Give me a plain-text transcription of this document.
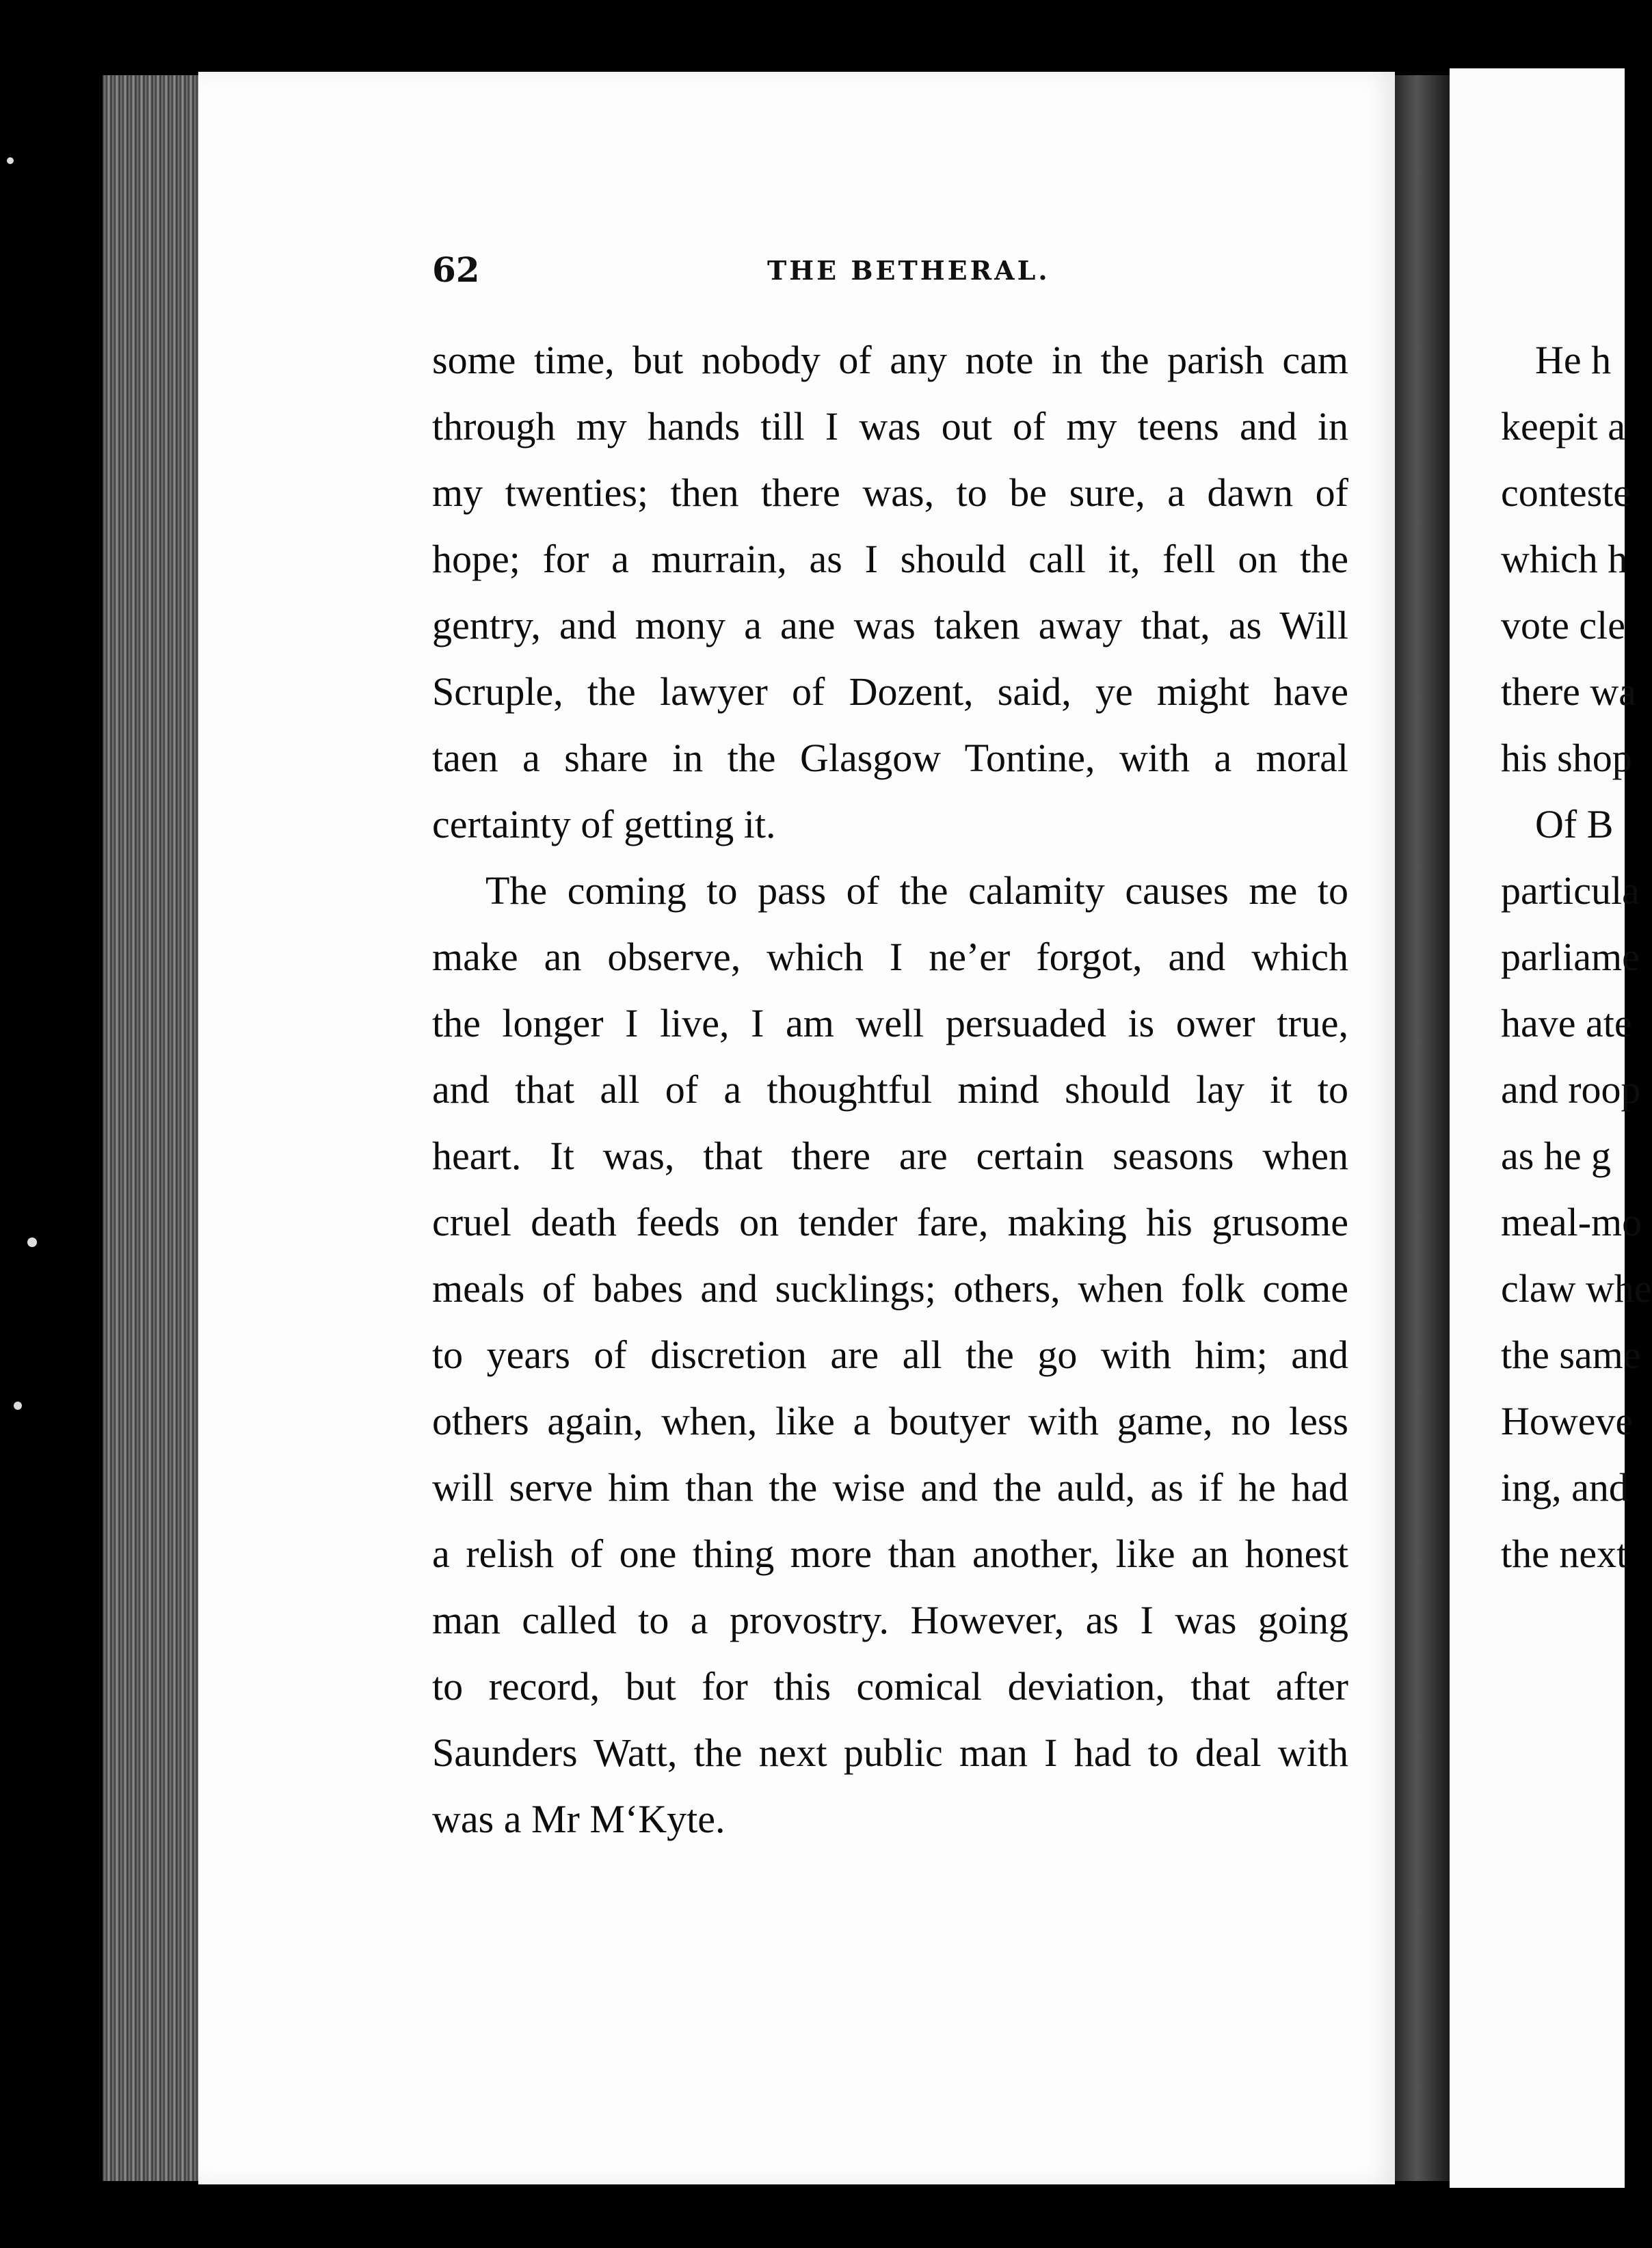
62	THE BETHERAL.
some time, but nobody of any note in the parish cam
through my hands till I was out of my teens and in
my twenties; then there was, to be sure, a dawn of
hope; for a murrain, as I should call it, fell on the
gentry, and mony a ane was taken away that, as Will
Scruple, the lawyer of Dozent, said, ye might have
taen a share in the Glasgow Tontine, with a moral
certainty of getting it.
The coming to pass of the calamity causes me to
make an observe, which I ne’er forgot, and which
the longer I live, I am well persuaded is ower true,
and that all of a thoughtful mind should lay it to
heart. It was, that there are certain seasons when
cruel death feeds on tender fare, making his grusome
meals of babes and sucklings; others, when folk come
to years of discretion are all the go with him; and
others again, when, like a boutyer with game, no less
will serve him than the wise and the auld, as if he had
a relish of one thing more than another, like an honest
man called to a provostry. However, as I was going
to record, but for this comical deviation, that after
Saunders Watt, the next public man I had to deal with
was a Mr M‘Kyte.
He h
keepit a
conteste
which h
vote cle
there wa
his shop
Of B
particula
parliame
have ate
and roop
as he g
meal-mo
claw whe
the same
Howeve
ing, and
the next
